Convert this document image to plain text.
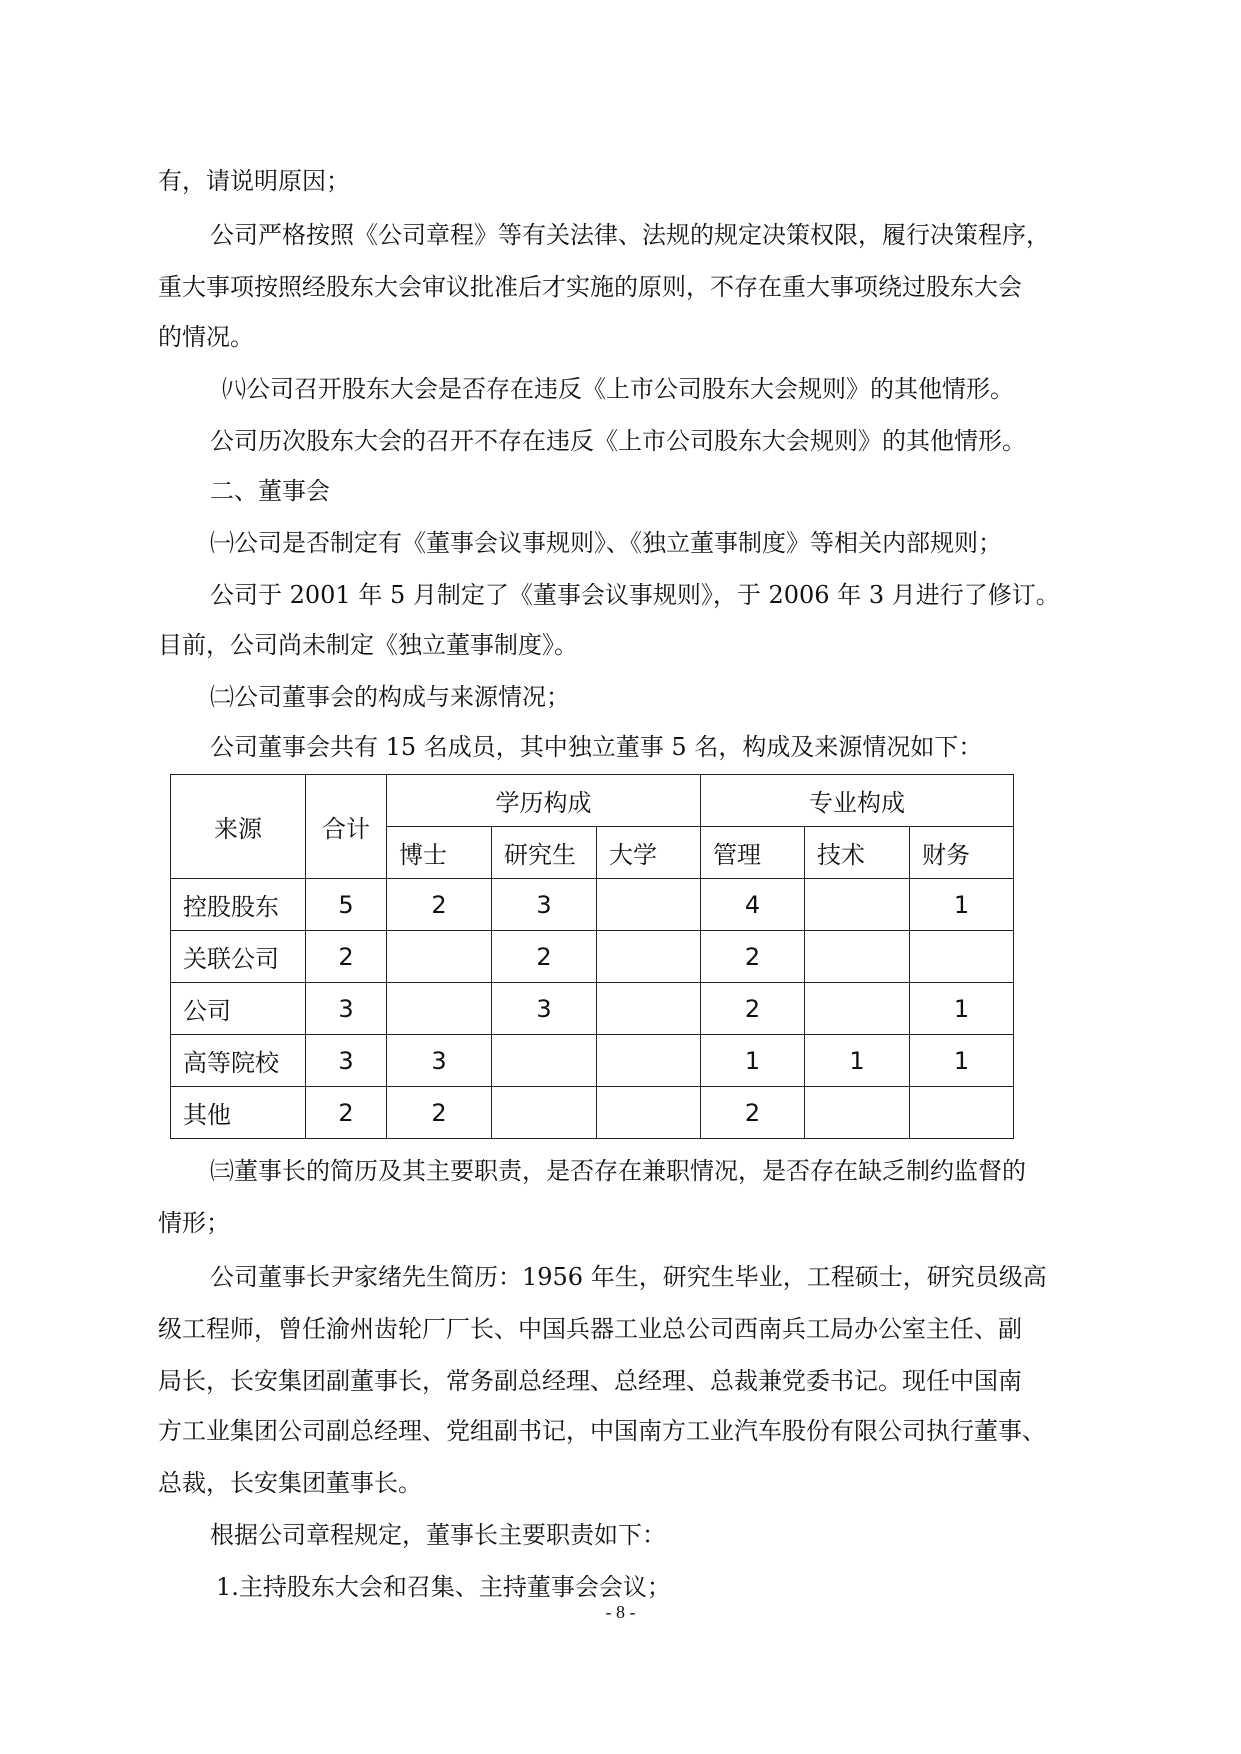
有，请说明原因；
公司严格按照《公司章程》等有关法律、法规的规定决策权限，履行决策程序，
重大事项按照经股东大会审议批准后才实施的原则，不存在重大事项绕过股东大会
的情况。
㈧公司召开股东大会是否存在违反《上市公司股东大会规则》的其他情形。
公司历次股东大会的召开不存在违反《上市公司股东大会规则》的其他情形。
二、董事会
㈠公司是否制定有《董事会议事规则》、《独立董事制度》等相关内部规则；
公司于 2001 年 5 月制定了《董事会议事规则》，于 2006 年 3 月进行了修订。
目前，公司尚未制定《独立董事制度》。
㈡公司董事会的构成与来源情况；
公司董事会共有 15 名成员，其中独立董事 5 名，构成及来源情况如下：
来源	合计	学历构成			专业构成		
		博士	研究生	大学	管理	技术	财务
控股股东	5	2	3		4		1
关联公司	2		2		2		
公司	3		3		2		1
高等院校	3	3			1	1	1
其他	2	2			2		
㈢董事长的简历及其主要职责，是否存在兼职情况，是否存在缺乏制约监督的
情形；
公司董事长尹家绪先生简历：1956 年生，研究生毕业，工程硕士，研究员级高
级工程师，曾任渝州齿轮厂厂长、中国兵器工业总公司西南兵工局办公室主任、副
局长，长安集团副董事长，常务副总经理、总经理、总裁兼党委书记。现任中国南
方工业集团公司副总经理、党组副书记，中国南方工业汽车股份有限公司执行董事、
总裁，长安集团董事长。
根据公司章程规定，董事长主要职责如下：
1.主持股东大会和召集、主持董事会会议；
- 8 -
